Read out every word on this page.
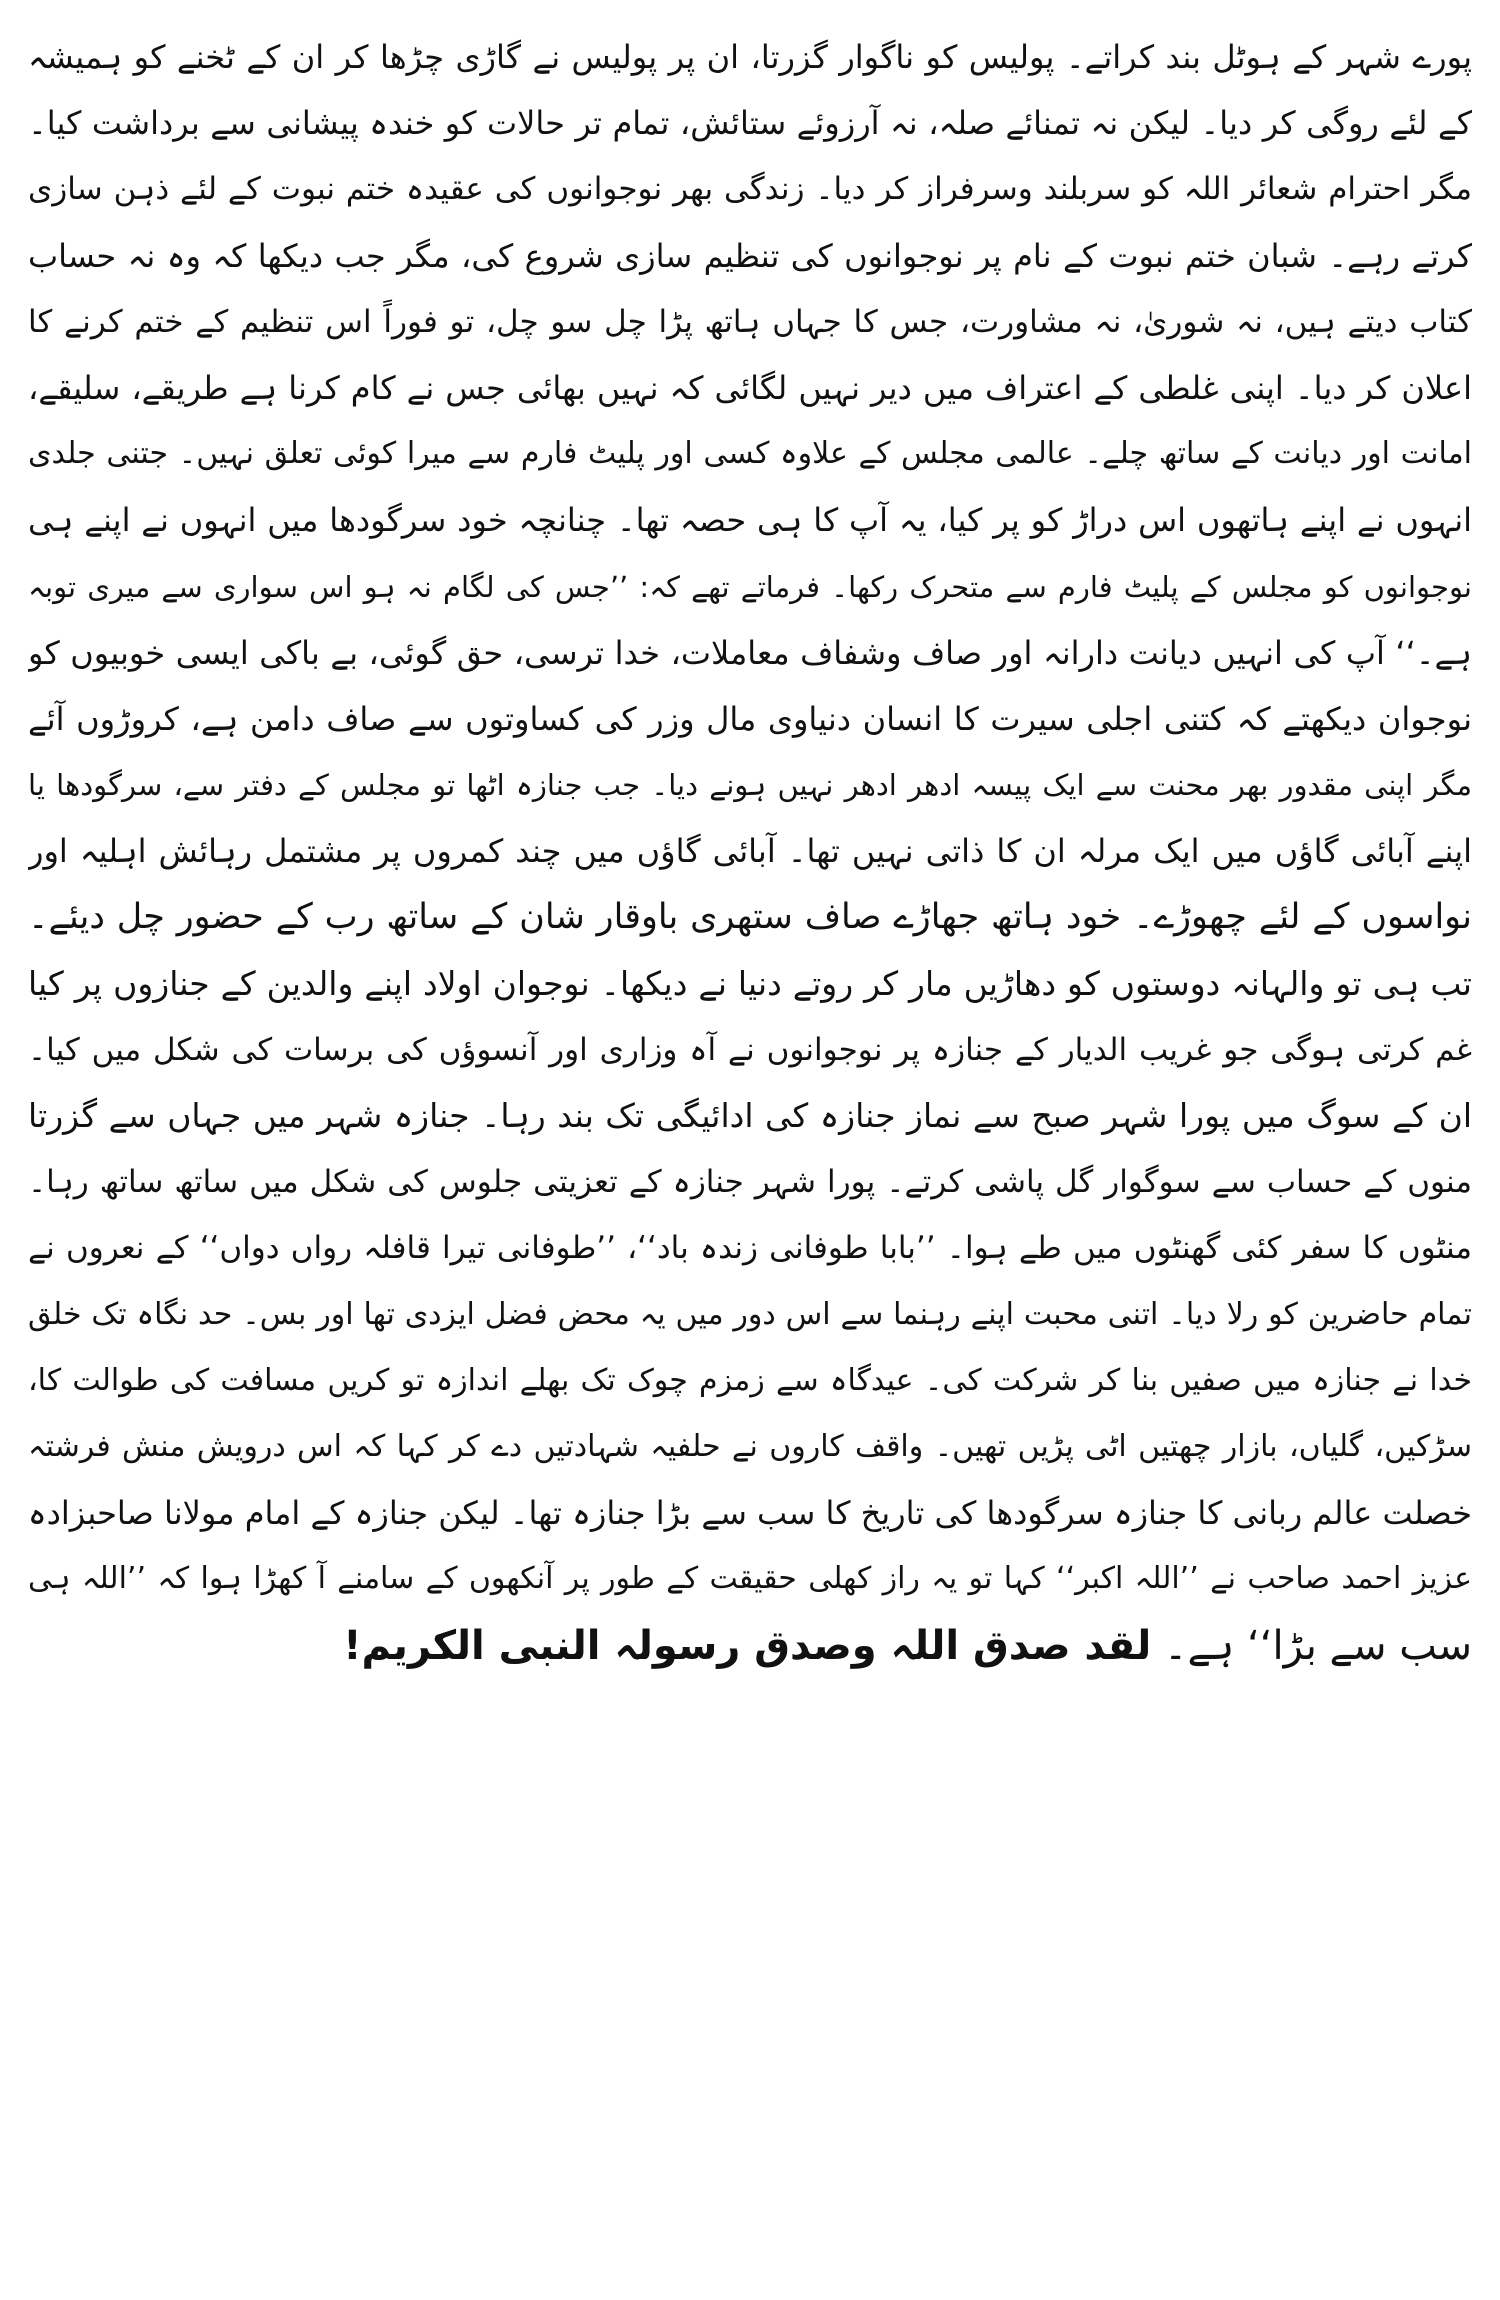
پورے شہر کے ہوٹل بند کراتے۔ پولیس کو ناگوار گزرتا، ان پر پولیس نے گاڑی چڑھا کر ان کے ٹخنے کو ہمیشہ
کے لئے روگی کر دیا۔ لیکن نہ تمنائے صلہ، نہ آرزوئے ستائش، تمام تر حالات کو خندہ پیشانی سے برداشت کیا۔
مگر احترام شعائر اللہ کو سربلند وسرفراز کر دیا۔ زندگی بھر نوجوانوں کی عقیدہ ختم نبوت کے لئے ذہن سازی
کرتے رہے۔ شبان ختم نبوت کے نام پر نوجوانوں کی تنظیم سازی شروع کی، مگر جب دیکھا کہ وہ نہ حساب
کتاب دیتے ہیں، نہ شوریٰ، نہ مشاورت، جس کا جہاں ہاتھ پڑا چل سو چل، تو فوراً اس تنظیم کے ختم کرنے کا
اعلان کر دیا۔ اپنی غلطی کے اعتراف میں دیر نہیں لگائی کہ نہیں بھائی جس نے کام کرنا ہے طریقے، سلیقے،
امانت اور دیانت کے ساتھ چلے۔ عالمی مجلس کے علاوہ کسی اور پلیٹ فارم سے میرا کوئی تعلق نہیں۔ جتنی جلدی
انہوں نے اپنے ہاتھوں اس دراڑ کو پر کیا، یہ آپ کا ہی حصہ تھا۔ چنانچہ خود سرگودھا میں انہوں نے اپنے ہی
نوجوانوں کو مجلس کے پلیٹ فارم سے متحرک رکھا۔ فرماتے تھے کہ: ’’جس کی لگام نہ ہو اس سواری سے میری توبہ
ہے۔‘‘ آپ کی انہیں دیانت دارانہ اور صاف وشفاف معاملات، خدا ترسی، حق گوئی، بے باکی ایسی خوبیوں کو
نوجوان دیکھتے کہ کتنی اجلی سیرت کا انسان دنیاوی مال وزر کی کساوتوں سے صاف دامن ہے، کروڑوں آئے
مگر اپنی مقدور بھر محنت سے ایک پیسہ ادھر ادھر نہیں ہونے دیا۔ جب جنازہ اٹھا تو مجلس کے دفتر سے، سرگودھا یا
اپنے آبائی گاؤں میں ایک مرلہ ان کا ذاتی نہیں تھا۔ آبائی گاؤں میں چند کمروں پر مشتمل رہائش اہلیہ اور
نواسوں کے لئے چھوڑے۔ خود ہاتھ جھاڑے صاف ستھری باوقار شان کے ساتھ رب کے حضور چل دیئے۔
تب ہی تو والہانہ دوستوں کو دھاڑیں مار کر روتے دنیا نے دیکھا۔ نوجوان اولاد اپنے والدین کے جنازوں پر کیا
غم کرتی ہوگی جو غریب الدیار کے جنازہ پر نوجوانوں نے آہ وزاری اور آنسوؤں کی برسات کی شکل میں کیا۔
ان کے سوگ میں پورا شہر صبح سے نماز جنازہ کی ادائیگی تک بند رہا۔ جنازہ شہر میں جہاں سے گزرتا
منوں کے حساب سے سوگوار گل پاشی کرتے۔ پورا شہر جنازہ کے تعزیتی جلوس کی شکل میں ساتھ ساتھ رہا۔
منٹوں کا سفر کئی گھنٹوں میں طے ہوا۔ ’’بابا طوفانی زندہ باد‘‘، ’’طوفانی تیرا قافلہ رواں دواں‘‘ کے نعروں نے
تمام حاضرین کو رلا دیا۔ اتنی محبت اپنے رہنما سے اس دور میں یہ محض فضل ایزدی تھا اور بس۔ حد نگاہ تک خلق
خدا نے جنازہ میں صفیں بنا کر شرکت کی۔ عیدگاہ سے زمزم چوک تک بھلے اندازہ تو کریں مسافت کی طوالت کا،
سڑکیں، گلیاں، بازار چھتیں اٹی پڑیں تھیں۔ واقف کاروں نے حلفیہ شہادتیں دے کر کہا کہ اس درویش منش فرشتہ
خصلت عالم ربانی کا جنازہ سرگودھا کی تاریخ کا سب سے بڑا جنازہ تھا۔ لیکن جنازہ کے امام مولانا صاحبزادہ
عزیز احمد صاحب نے ’’اللہ اکبر‘‘ کہا تو یہ راز کھلی حقیقت کے طور پر آنکھوں کے سامنے آ کھڑا ہوا کہ ’’اللہ ہی
سب سے بڑا‘‘ ہے۔ لقد صدق اللہ وصدق رسولہ النبی الکریم!
